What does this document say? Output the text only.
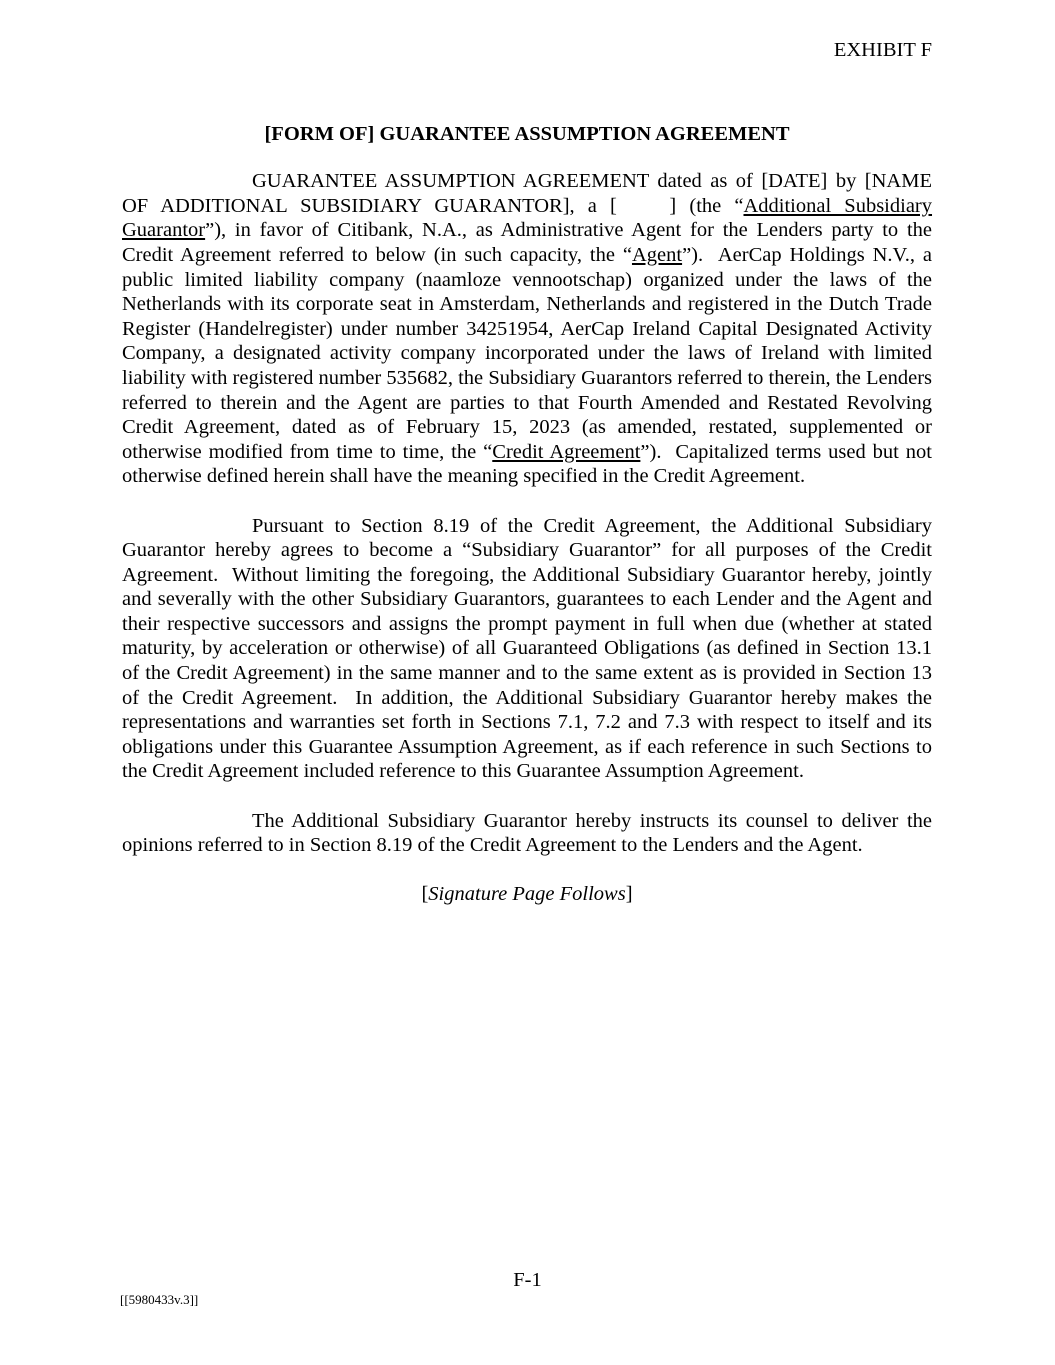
EXHIBIT F
[FORM OF] GUARANTEE ASSUMPTION AGREEMENT

GUARANTEE ASSUMPTION AGREEMENT dated as of [DATE] by [NAME OF ADDITIONAL SUBSIDIARY GUARANTOR], a [    ] (the “Additional Subsidiary Guarantor”), in favor of Citibank, N.A., as Administrative Agent for the Lenders party to the Credit Agreement referred to below (in such capacity, the “Agent”).  AerCap Holdings N.V., a public limited liability company (naamloze vennootschap) organized under the laws of the Netherlands with its corporate seat in Amsterdam, Netherlands and registered in the Dutch Trade Register (Handelregister) under number 34251954, AerCap Ireland Capital Designated Activity Company, a designated activity company incorporated under the laws of Ireland with limited liability with registered number 535682, the Subsidiary Guarantors referred to therein, the Lenders referred to therein and the Agent are parties to that Fourth Amended and Restated Revolving Credit Agreement, dated as of February 15, 2023 (as amended, restated, supplemented or otherwise modified from time to time, the “Credit Agreement”).  Capitalized terms used but not otherwise defined herein shall have the meaning specified in the Credit Agreement.

Pursuant to Section 8.19 of the Credit Agreement, the Additional Subsidiary Guarantor hereby agrees to become a “Subsidiary Guarantor” for all purposes of the Credit Agreement.  Without limiting the foregoing, the Additional Subsidiary Guarantor hereby, jointly and severally with the other Subsidiary Guarantors, guarantees to each Lender and the Agent and their respective successors and assigns the prompt payment in full when due (whether at stated maturity, by acceleration or otherwise) of all Guaranteed Obligations (as defined in Section 13.1 of the Credit Agreement) in the same manner and to the same extent as is provided in Section 13 of the Credit Agreement.  In addition, the Additional Subsidiary Guarantor hereby makes the representations and warranties set forth in Sections 7.1, 7.2 and 7.3 with respect to itself and its obligations under this Guarantee Assumption Agreement, as if each reference in such Sections to the Credit Agreement included reference to this Guarantee Assumption Agreement.

The Additional Subsidiary Guarantor hereby instructs its counsel to deliver the opinions referred to in Section 8.19 of the Credit Agreement to the Lenders and the Agent.

[Signature Page Follows]
F-1
[[5980433v.3]]
